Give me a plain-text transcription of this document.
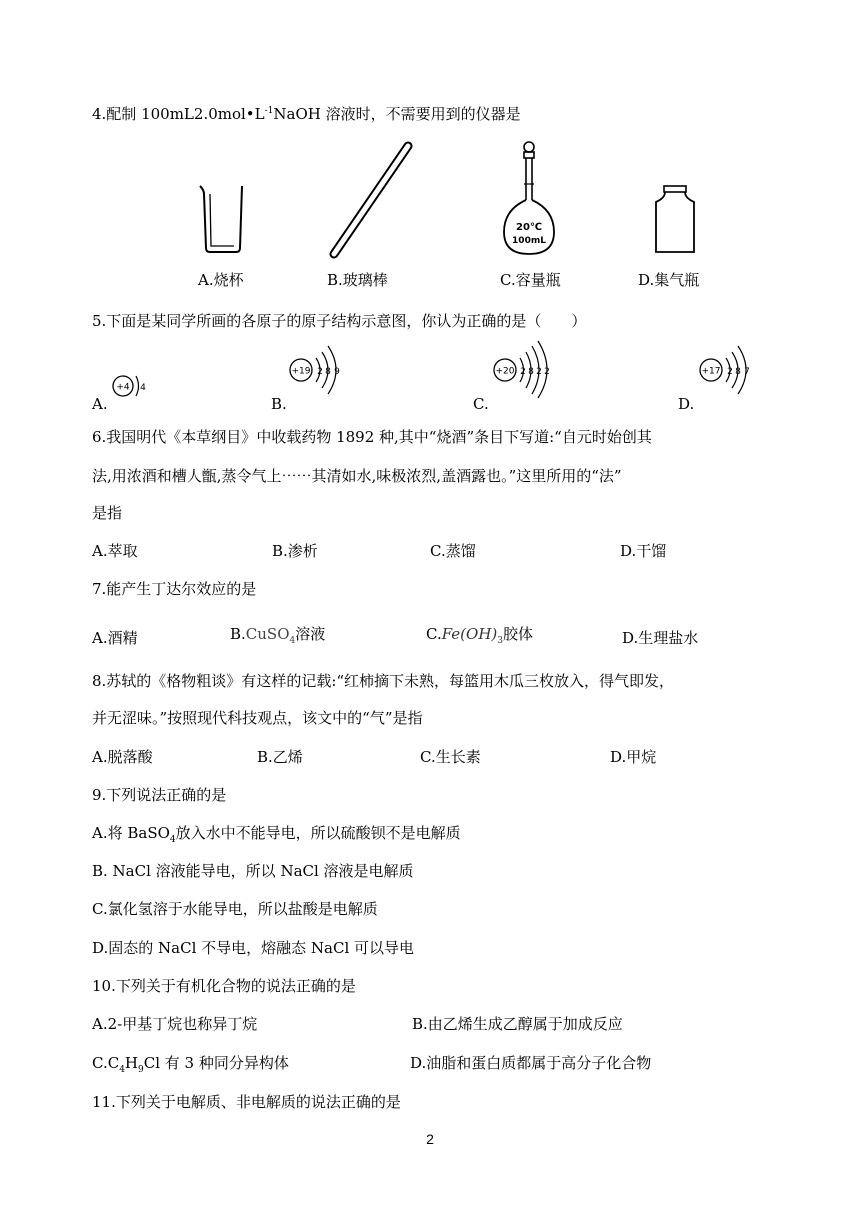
4.配制 $100mL2.0mol•L^{-1}NaOH$ 溶液时，不需要用到的仪器是
20℃
100mL
A.烧杯	B.玻璃棒	C.容量瓶	D.集气瓶
5.下面是某同学所画的各原子的原子结构示意图，你认为正确的是（　　）
A.
+4 4
B.
+19 2 8 9
C.
+20 2 8 2 2
D.
+17 2 8 7
6.我国明代《本草纲目》中收载药物 1892 种,其中“烧酒”条目下写道:“自元时始创其
法,用浓酒和槽人甑,蒸令气上⋯⋯其清如水,味极浓烈,盖酒露也。”这里所用的“法”
是指
A.萃取	B.渗析	C.蒸馏	D.干馏
7.能产生丁达尔效应的是
A.酒精	B.CuSO$_4$溶液	$C.Fe(OH)_3$胶体	D.生理盐水
8.苏轼的《格物粗谈》有这样的记载:“红柿摘下未熟，每篮用木瓜三枚放入，得气即发，
并无涩味。”按照现代科技观点，该文中的“气”是指
A.脱落酸	B.乙烯	C.生长素	D.甲烷
9.下列说法正确的是
A.将 BaSO$_4$放入水中不能导电，所以硫酸钡不是电解质
B. NaCl 溶液能导电，所以 NaCl 溶液是电解质
C.氯化氢溶于水能导电，所以盐酸是电解质
D.固态的 NaCl 不导电，熔融态 NaCl 可以导电
10.下列关于有机化合物的说法正确的是
A.2-甲基丁烷也称异丁烷	B.由乙烯生成乙醇属于加成反应
$C.C_4H_9Cl$ 有 3 种同分异构体	D.油脂和蛋白质都属于高分子化合物
11.下列关于电解质、非电解质的说法正确的是
2
